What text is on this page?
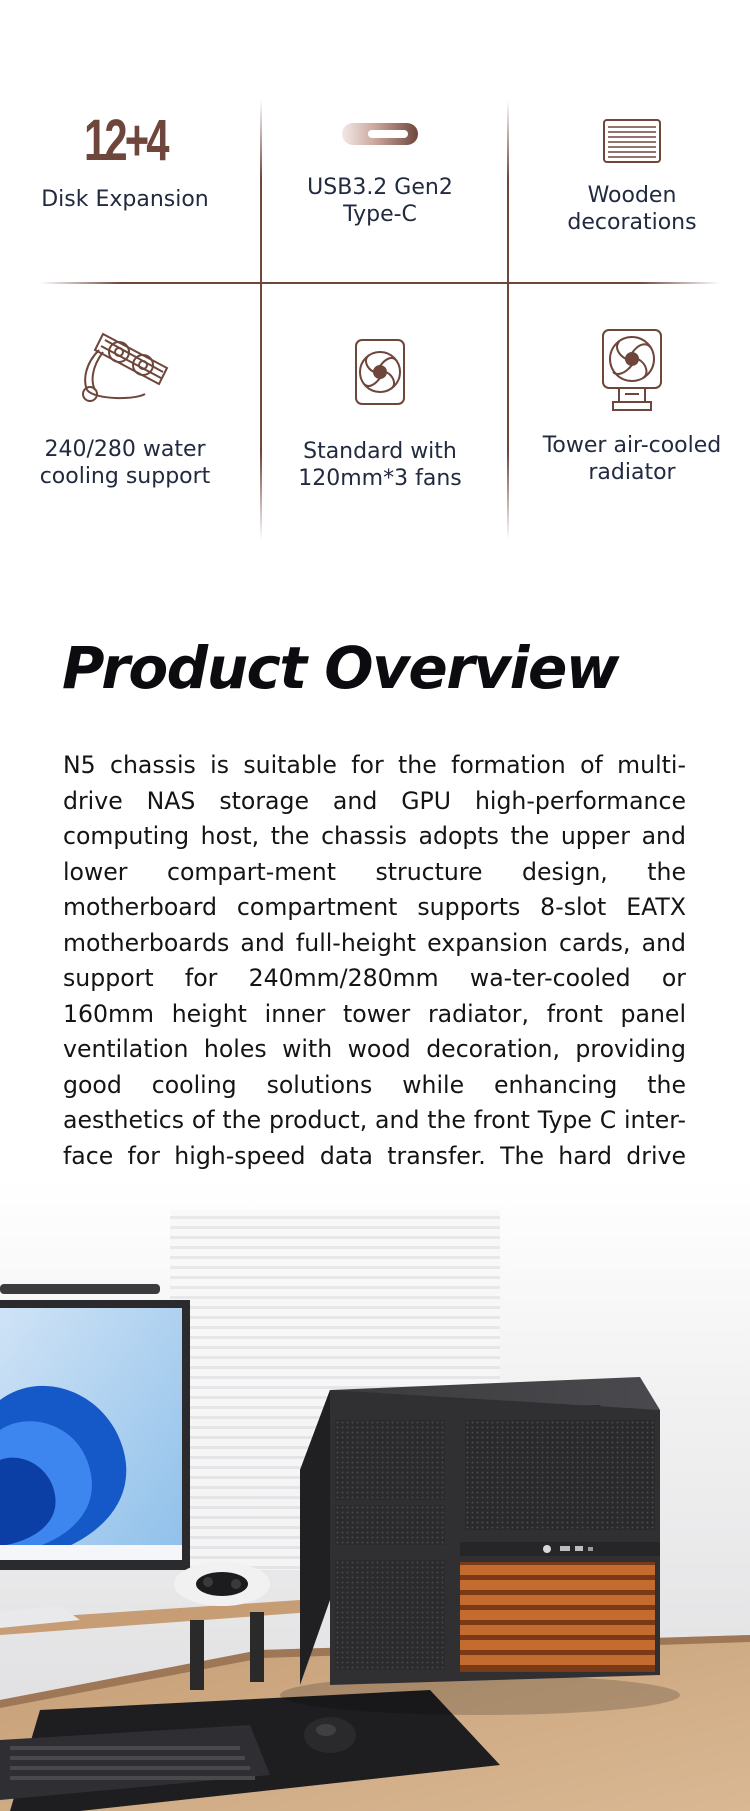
12+4
Disk Expansion	USB3.2 Gen2
Type-C
Wooden
decorations
240/280 water
cooling support
Standard with
120mm*3 fans
Tower air-cooled
radiator
Product Overview

N5 chassis is suitable for the formation of multi-drive NAS storage and GPU high-performance computing host, the chassis adopts the upper and lower compart-ment structure design, the motherboard compartment supports 8-slot EATX motherboards and full-height expansion cards, and support for 240mm/280mm wa-ter-cooled or 160mm height inner tower radiator, front panel ventilation holes with wood decoration, providing good cooling solutions while enhancing the aesthetics of the product, and the front Type C inter-face for high-speed data transfer. The hard drive
